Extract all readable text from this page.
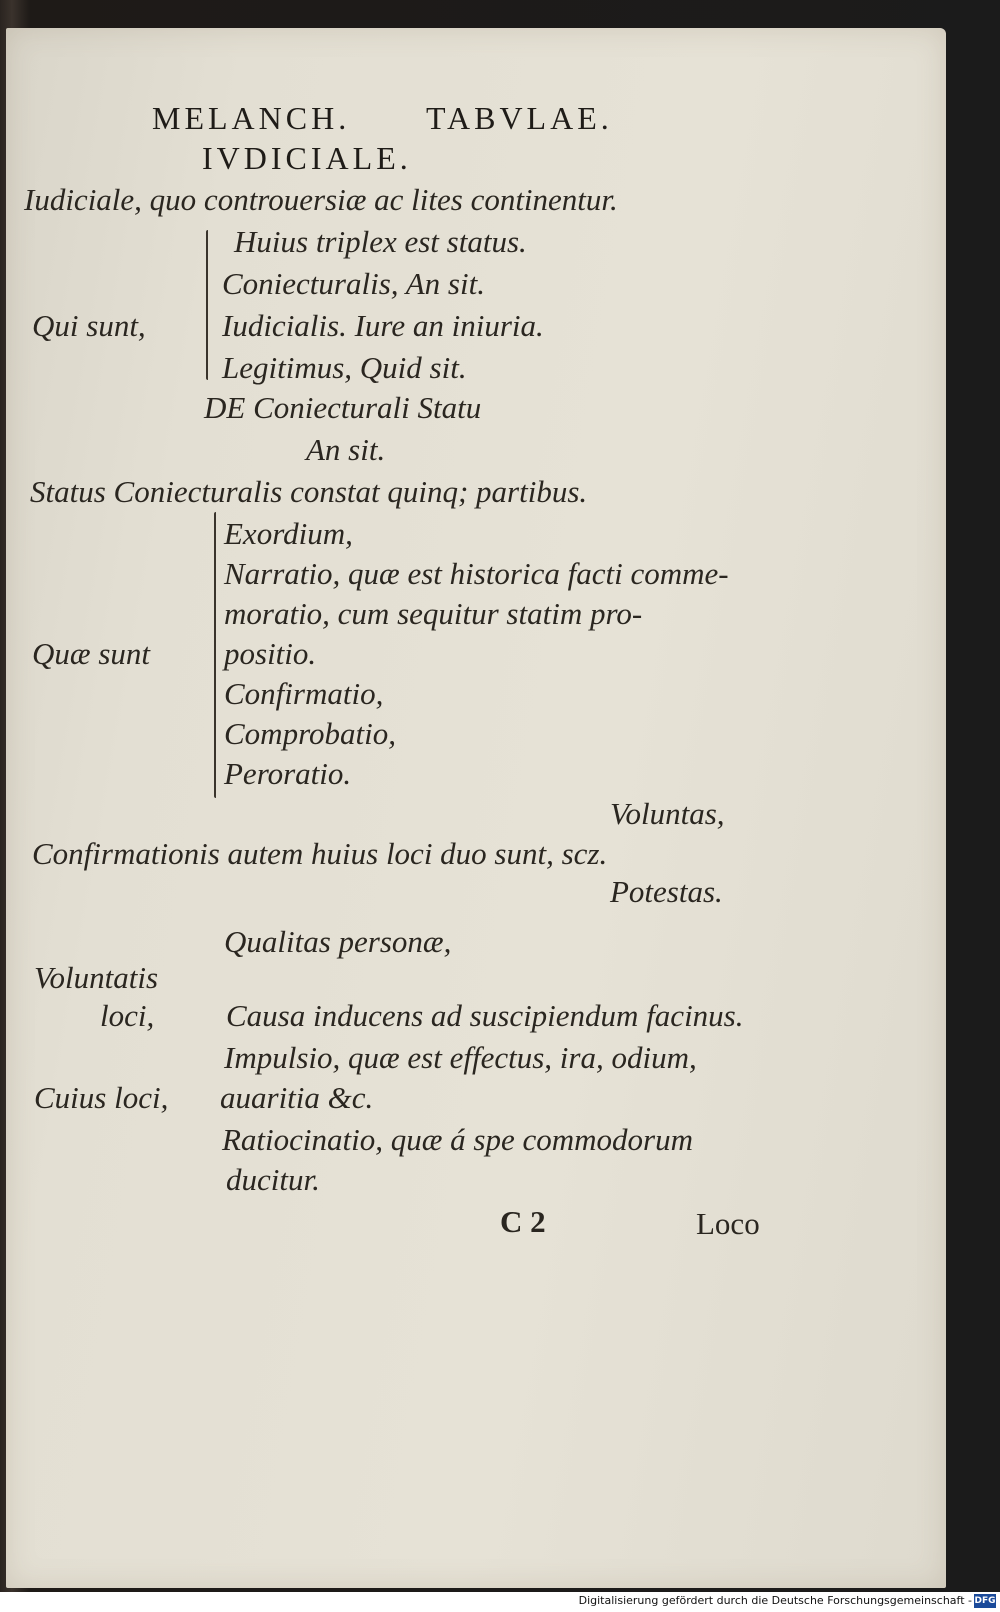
MELANCH. TABVLAE.
IVDICIALE.
Iudiciale, quo controuersiæ ac lites continentur.
Qui sunt,
Huius triplex est status.
Coniecturalis, An sit.
Iudicialis. Iure an iniuria.
Legitimus, Quid sit.
DE Coniecturali Statu
An sit.
Status Coniecturalis constat quinq; partibus.
Quæ sunt
Exordium,
Narratio, quæ est historica facti comme-
moratio, cum sequitur statim pro-
positio.
Confirmatio,
Comprobatio,
Peroratio.
Voluntas,
Confirmationis autem huius loci duo sunt, scz.
Potestas.
Qualitas personæ,
Voluntatis
loci, Causa inducens ad suscipiendum facinus.
Impulsio, quæ est effectus, ira, odium,
Cuius loci, auaritia &c.
Ratiocinatio, quæ á spe commodorum
ducitur.
C 2	Loco
Digitalisierung gefördert durch die Deutsche Forschungsgemeinschaft - DFG
